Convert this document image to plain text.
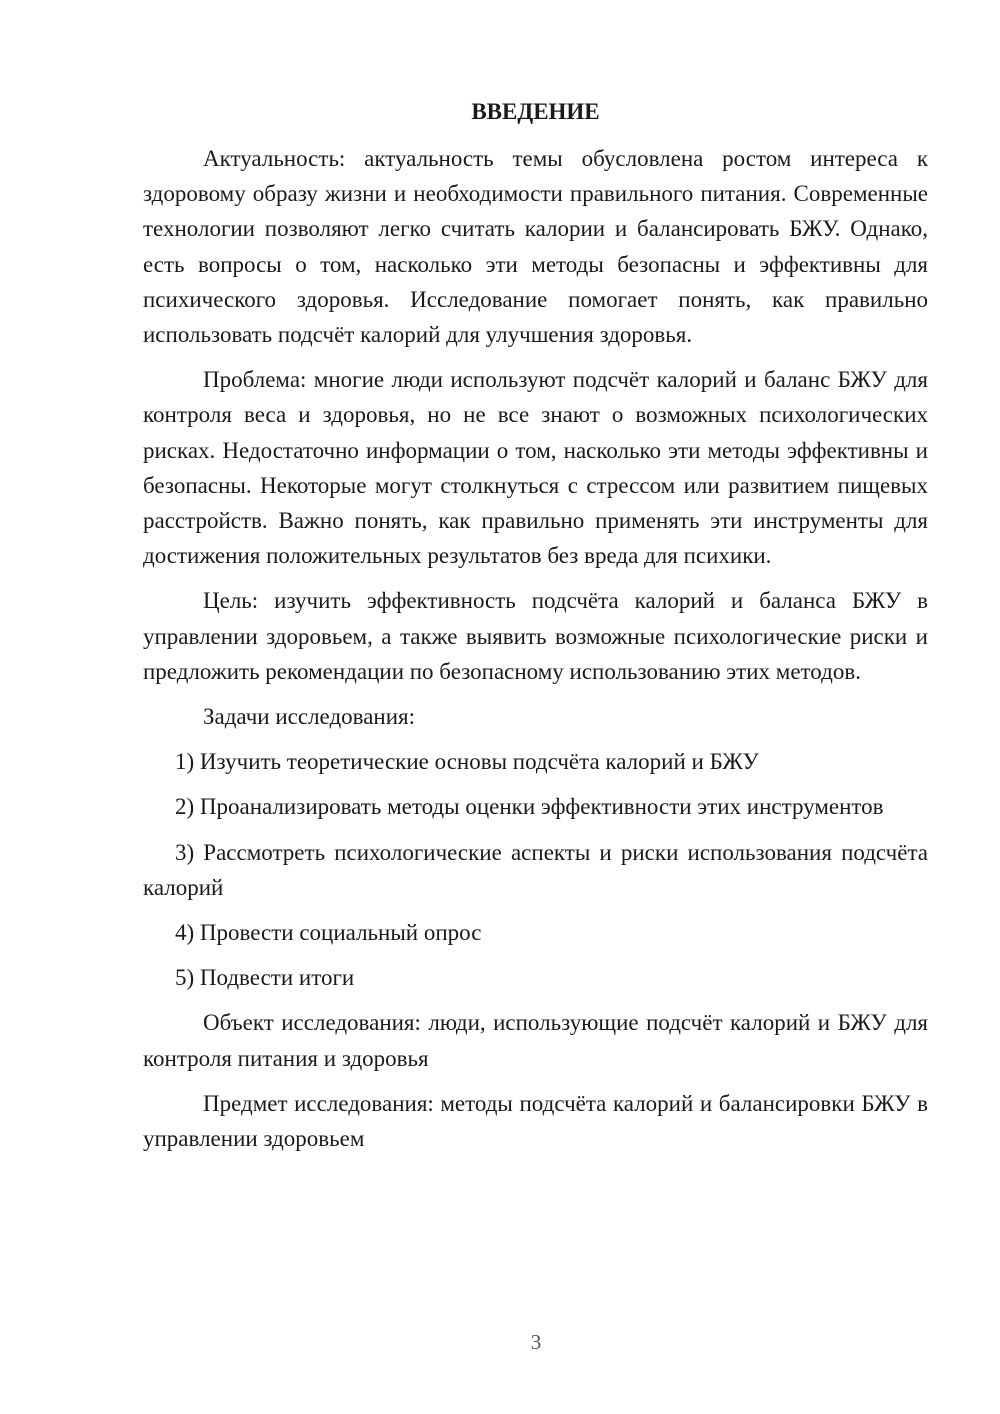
ВВЕДЕНИЕ

Актуальность: актуальность темы обусловлена ростом интереса к здоровому образу жизни и необходимости правильного питания. Современные технологии позволяют легко считать калории и балансировать БЖУ. Однако, есть вопросы о том, насколько эти методы безопасны и эффективны для психического здоровья. Исследование помогает понять, как правильно использовать подсчёт калорий для улучшения здоровья.

Проблема: многие люди используют подсчёт калорий и баланс БЖУ для контроля веса и здоровья, но не все знают о возможных психологических рисках. Недостаточно информации о том, насколько эти методы эффективны и безопасны. Некоторые могут столкнуться с стрессом или развитием пищевых расстройств. Важно понять, как правильно применять эти инструменты для достижения положительных результатов без вреда для психики.

Цель: изучить эффективность подсчёта калорий и баланса БЖУ в управлении здоровьем, а также выявить возможные психологические риски и предложить рекомендации по безопасному использованию этих методов.

Задачи исследования:

1) Изучить теоретические основы подсчёта калорий и БЖУ

2) Проанализировать методы оценки эффективности этих инструментов

3) Рассмотреть психологические аспекты и риски использования подсчёта калорий

4) Провести социальный опрос

5) Подвести итоги

Объект исследования: люди, использующие подсчёт калорий и БЖУ для контроля питания и здоровья

Предмет исследования: методы подсчёта калорий и балансировки БЖУ в управлении здоровьем

3
